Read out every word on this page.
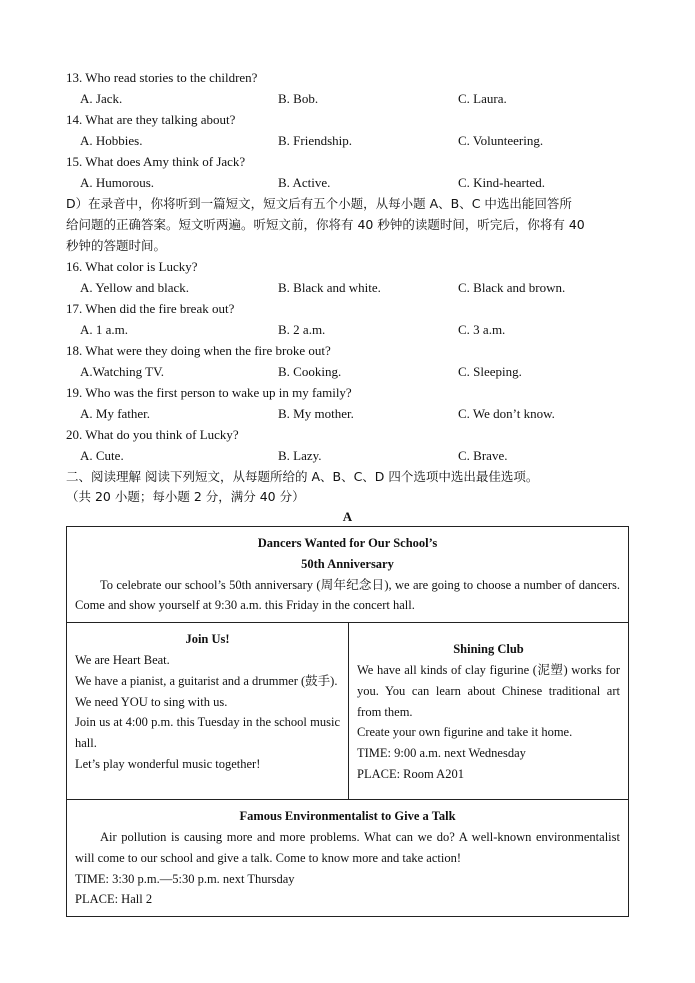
13. Who read stories to the children?
A. Jack.	B. Bob.	C. Laura.
14. What are they talking about?
A. Hobbies.	B. Friendship.	C. Volunteering.
15. What does Amy think of Jack?
A. Humorous.	B. Active.	C. Kind-hearted.
D）在录音中，你将听到一篇短文，短文后有五个小题，从每小题 A、B、C 中选出能回答所
给问题的正确答案。短文听两遍。听短文前，你将有 40 秒钟的读题时间，听完后，你将有 40
秒钟的答题时间。
16. What color is Lucky?
A. Yellow and black.	B. Black and white.	C. Black and brown.
17. When did the fire break out?
A. 1 a.m.	B. 2 a.m.	C. 3 a.m.
18. What were they doing when the fire broke out?
A.Watching TV.	B. Cooking.	C. Sleeping.
19. Who was the first person to wake up in my family?
A. My father.	B. My mother.	C. We don’t know.
20. What do you think of Lucky?
A. Cute.	B. Lazy.	C. Brave.
二、阅读理解 阅读下列短文，从每题所给的 A、B、C、D 四个选项中选出最佳选项。
（共 20 小题；每小题 2 分，满分 40 分）
A
Dancers Wanted for Our School’s
50th Anniversary
To celebrate our school’s 50th anniversary (周年纪念日), we are going to choose a number of dancers. Come and show yourself at 9:30 a.m. this Friday in the concert hall.

Join Us!
We are Heart Beat.
We have a pianist, a guitarist and a drummer (鼓手).
We need YOU to sing with us.
Join us at 4:00 p.m. this Tuesday in the school music hall.
Let’s play wonderful music together!

Shining Club
We have all kinds of clay figurine (泥塑) works for you. You can learn about Chinese traditional art from them.
Create your own figurine and take it home.
TIME: 9:00 a.m. next Wednesday
PLACE: Room A201

Famous Environmentalist to Give a Talk
Air pollution is causing more and more problems. What can we do? A well-known environmentalist will come to our school and give a talk. Come to know more and take action!
TIME: 3:30 p.m.—5:30 p.m. next Thursday
PLACE: Hall 2
